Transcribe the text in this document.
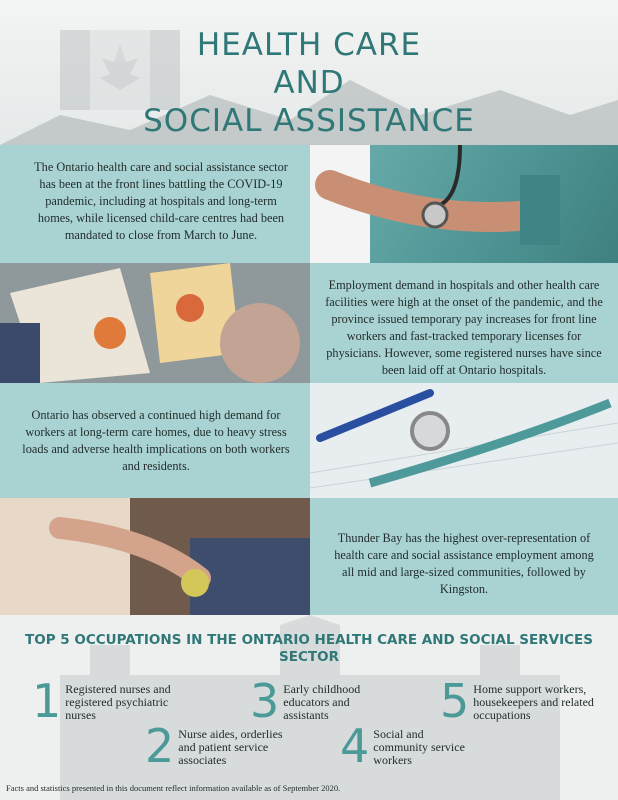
HEALTH CARE
AND
SOCIAL ASSISTANCE
The Ontario health care and social assistance sector has been at the front lines battling the COVID-19 pandemic, including at hospitals and long-term homes, while licensed child-care centres had been mandated to close from March to June.
Employment demand in hospitals and other health care facilities were high at the onset of the pandemic, and the province issued temporary pay increases for front line workers and fast-tracked temporary licenses for physicians. However, some registered nurses have since been laid off at Ontario hospitals.
Ontario has observed a continued high demand for workers at long-term care homes, due to heavy stress loads and adverse health implications on both workers and residents.
Thunder Bay has the highest over-representation of health care and social assistance employment among all mid and large-sized communities, followed by Kingston.
TOP 5 OCCUPATIONS IN THE ONTARIO HEALTH CARE AND SOCIAL SERVICES SECTOR
1 Registered nurses and registered psychiatric nurses	3 Early childhood educators and assistants	5 Home support workers, housekeepers and related occupations
2 Nurse aides, orderlies and patient service associates	4 Social and community service workers
Facts and statistics presented in this document reflect information available as of September 2020.
